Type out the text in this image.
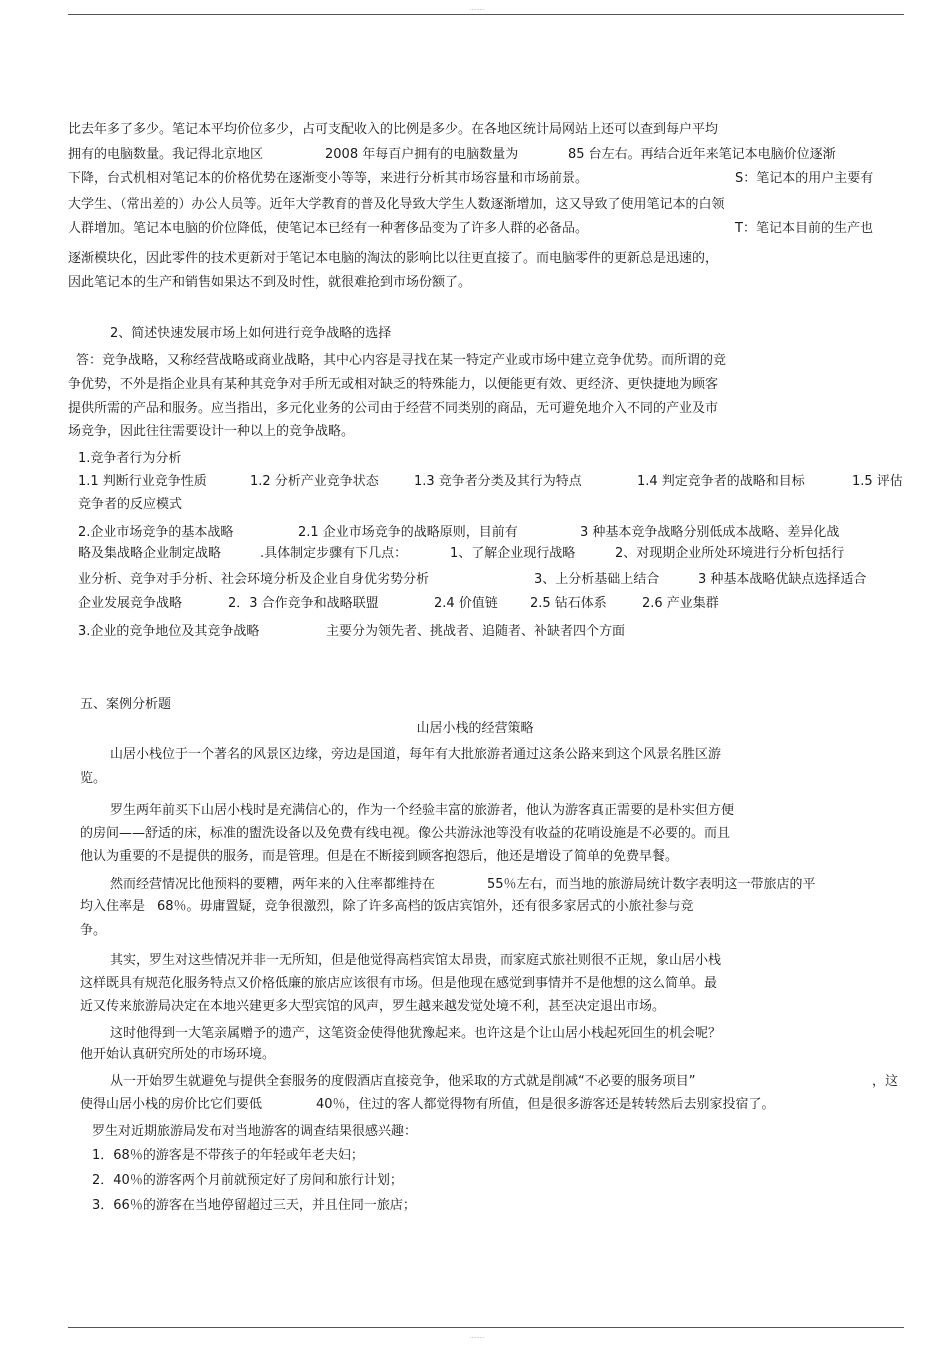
.........
比去年多了多少。笔记本平均价位多少，占可支配收入的比例是多少。在各地区统计局网站上还可以查到每户平均
拥有的电脑数量。我记得北京地区	2008 年每百户拥有的电脑数量为	85 台左右。再结合近年来笔记本电脑价位逐渐
下降，台式机相对笔记本的价格优势在逐渐变小等等，来进行分析其市场容量和市场前景。	S：笔记本的用户主要有
大学生、（常出差的）办公人员等。近年大学教育的普及化导致大学生人数逐渐增加，这又导致了使用笔记本的白领
人群增加。笔记本电脑的价位降低，使笔记本已经有一种奢侈品变为了许多人群的必备品。	T：笔记本目前的生产也
逐渐模块化，因此零件的技术更新对于笔记本电脑的淘汰的影响比以往更直接了。而电脑零件的更新总是迅速的，
因此笔记本的生产和销售如果达不到及时性，就很难抢到市场份额了。
2、简述快速发展市场上如何进行竞争战略的选择
答：竞争战略，又称经营战略或商业战略，其中心内容是寻找在某一特定产业或市场中建立竞争优势。而所谓的竞
争优势，不外是指企业具有某种其竞争对手所无或相对缺乏的特殊能力，以便能更有效、更经济、更快捷地为顾客
提供所需的产品和服务。应当指出，多元化业务的公司由于经营不同类别的商品，无可避免地介入不同的产业及市
场竞争，因此往往需要设计一种以上的竞争战略。
1.竞争者行为分析
1.1 判断行业竞争性质	1.2 分析产业竞争状态	1.3 竞争者分类及其行为特点	1.4 判定竞争者的战略和目标	1.5 评估
竞争者的反应模式
2.企业市场竞争的基本战略	2.1 企业市场竞争的战略原则，目前有	3 种基本竞争战略分别低成本战略、差异化战
略及集战略企业制定战略	.具体制定步骤有下几点：	1、了解企业现行战略	2、对现期企业所处环境进行分析包括行
业分析、竞争对手分析、社会环境分析及企业自身优劣势分析	3、上分析基础上结合	3 种基本战略优缺点选择适合
企业发展竞争战略	2．3 合作竞争和战略联盟	2.4 价值链 2.5 钻石体系	2.6 产业集群
3.企业的竞争地位及其竞争战略	主要分为领先者、挑战者、追随者、补缺者四个方面
五、案例分析题
山居小栈的经营策略
山居小栈位于一个著名的风景区边缘，旁边是国道，每年有大批旅游者通过这条公路来到这个风景名胜区游
览。
罗生两年前买下山居小栈时是充满信心的，作为一个经验丰富的旅游者，他认为游客真正需要的是朴实但方便
的房间——舒适的床，标准的盥洗设备以及免费有线电视。像公共游泳池等没有收益的花哨设施是不必要的。而且
他认为重要的不是提供的服务，而是管理。但是在不断接到顾客抱怨后，他还是增设了简单的免费早餐。
然而经营情况比他预料的要糟，两年来的入住率都维持在	55％左右，而当地的旅游局统计数字表明这一带旅店的平
均入住率是 68％。毋庸置疑，竞争很激烈，除了许多高档的饭店宾馆外，还有很多家居式的小旅社参与竞
争。
其实，罗生对这些情况并非一无所知，但是他觉得高档宾馆太昂贵，而家庭式旅社则很不正规，象山居小栈
这样既具有规范化服务特点又价格低廉的旅店应该很有市场。但是他现在感觉到事情并不是他想的这么简单。最
近又传来旅游局决定在本地兴建更多大型宾馆的风声，罗生越来越发觉处境不利，甚至决定退出市场。
这时他得到一大笔亲属赠予的遗产，这笔资金使得他犹豫起来。也许这是个让山居小栈起死回生的机会呢？
他开始认真研究所处的市场环境。
从一开始罗生就避免与提供全套服务的度假酒店直接竞争，他采取的方式就是削减“不必要的服务项目”	，这
使得山居小栈的房价比它们要低	40％，住过的客人都觉得物有所值，但是很多游客还是转转然后去别家投宿了。
罗生对近期旅游局发布对当地游客的调查结果很感兴趣：
1．68％的游客是不带孩子的年轻或年老夫妇；
2．40％的游客两个月前就预定好了房间和旅行计划；
3．66％的游客在当地停留超过三天，并且住同一旅店；
.........
